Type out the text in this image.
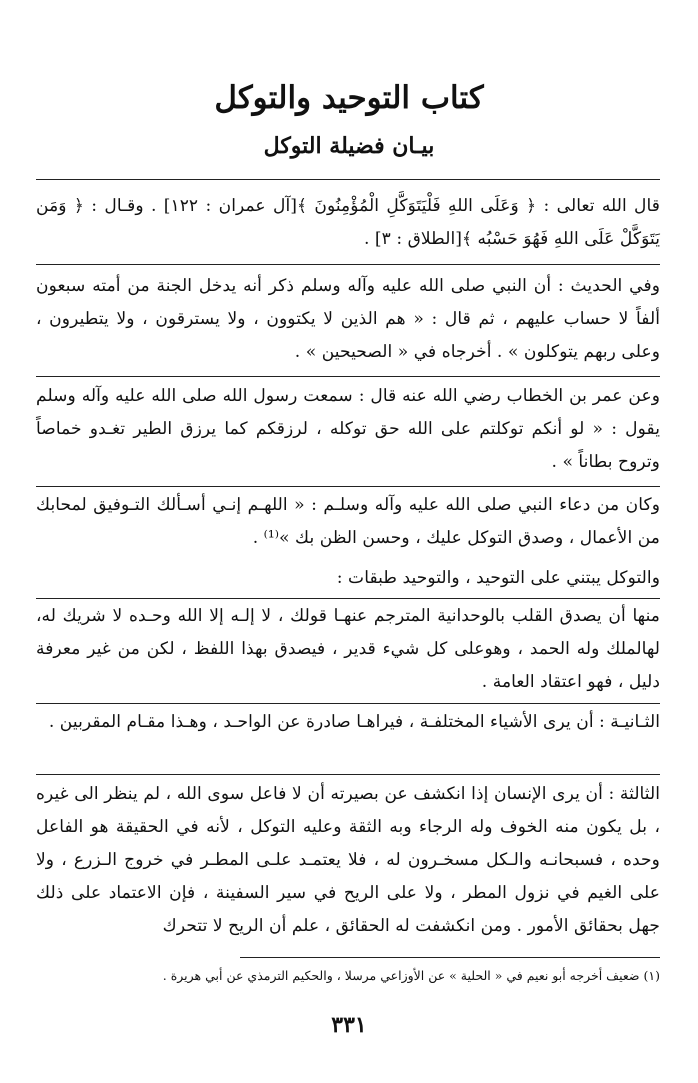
كتاب التوحيد والتوكل
بيـان فضيلة التوكل

قال الله تعالى : ﴿ وَعَلَى اللهِ فَلْيَتَوَكَّلِ الْمُؤْمِنُونَ ﴾[آل عمران : ١٢٢] . وقـال : ﴿ وَمَن يَتَوَكَّلْ عَلَى اللهِ فَهُوَ حَسْبُه ﴾[الطلاق : ٣] .

وفي الحديث : أن النبي صلى الله عليه وآله وسلم ذكر أنه يدخل الجنة من أمته سبعون ألفاً لا حساب عليهم ، ثم قال : « هم الذين لا يكتوون ، ولا يسترقون ، ولا يتطيرون ، وعلى ربهم يتوكلون » . أخرجاه في « الصحيحين » .

وعن عمر بن الخطاب رضي الله عنه قال : سمعت رسول الله صلى الله عليه وآله وسلم يقول : « لو أنكم توكلتم على الله حق توكله ، لرزقكم كما يرزق الطير تغـدو خماصاً وتروح بطاناً » .

وكان من دعاء النبي صلى الله عليه وآله وسلـم : « اللهـم إنـي أسـألك التـوفيق لمحابك من الأعمال ، وصدق التوكل عليك ، وحسن الظن بك »⁽¹⁾ .

والتوكل يبتني على التوحيد ، والتوحيد طبقات :

منها أن يصدق القلب بالوحدانية المترجم عنهـا قولك ، لا إلـه إلا الله وحـده لا شريك له، لهالملك وله الحمد ، وهوعلى كل شيء قدير ، فيصدق بهذا اللفظ ، لكن من غير معرفة دليل ، فهو اعتقاد العامة .

الثـانيـة : أن يرى الأشياء المختلفـة ، فيراهـا صادرة عن الواحـد ، وهـذا مقـام المقربين .

الثالثة : أن يرى الإنسان إذا انكشف عن بصيرته أن لا فاعل سوى الله ، لم ينظر الى غيره ، بل يكون منه الخوف وله الرجاء وبه الثقة وعليه التوكل ، لأنه في الحقيقة هو الفاعل وحده ، فسبحانـه والـكل مسخـرون له ، فلا يعتمـد علـى المطـر في خروج الـزرع ، ولا على الغيم في نزول المطر ، ولا على الريح في سير السفينة ، فإن الاعتماد على ذلك جهل بحقائق الأمور . ومن انكشفت له الحقائق ، علم أن الريح لا تتحرك

(١) ضعيف أخرجه أبو نعيم في « الحلية » عن الأوزاعي مرسلا ، والحكيم الترمذي عن أبي هريرة .

٣٣١
